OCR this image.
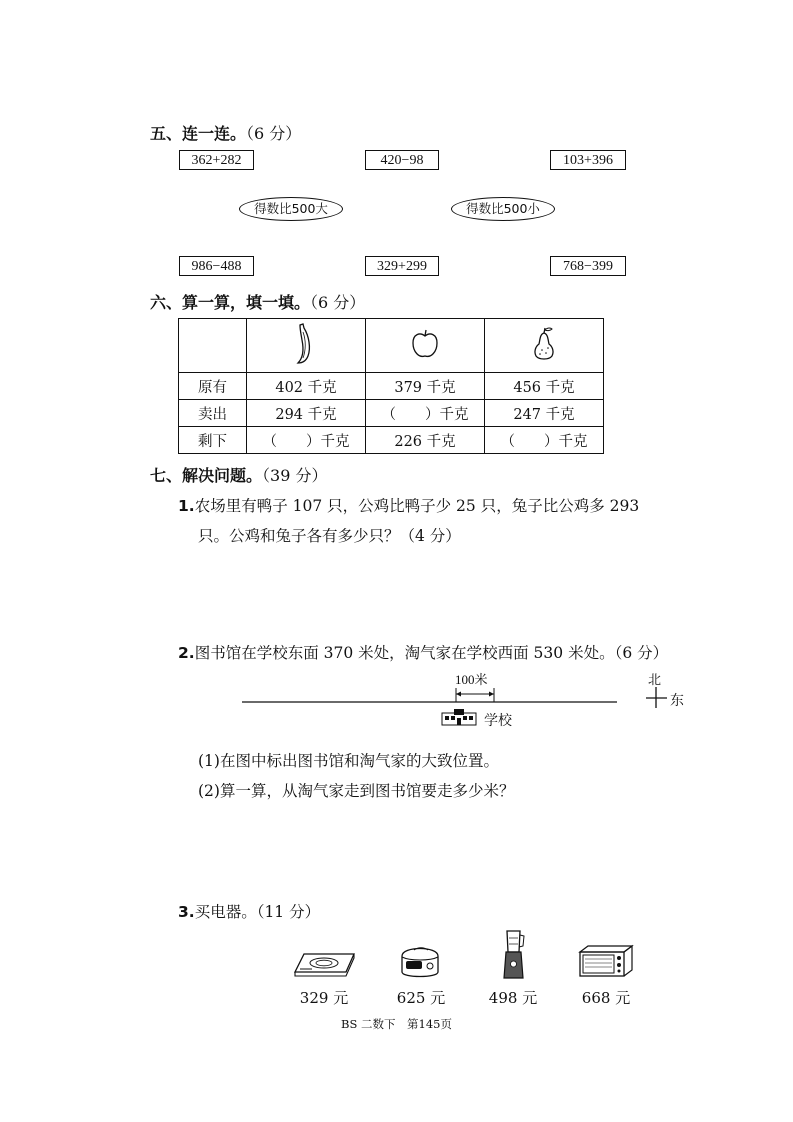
五、连一连。（6 分）
362+282	420−98	103+396
得数比500大	得数比500小
986−488	329+299	768−399
六、算一算，填一填。（6 分）

原有	402 千克	379 千克	456 千克
卖出	294 千克	（　　）千克	247 千克
剩下	（　　）千克	226 千克	（　　）千克
七、解决问题。（39 分）
1.农场里有鸭子 107 只，公鸡比鸭子少 25 只，兔子比公鸡多 293
只。公鸡和兔子各有多少只？（4 分）
2.图书馆在学校东面 370 米处，淘气家在学校西面 530 米处。（6 分）
100米
学校
北
东
(1)在图中标出图书馆和淘气家的大致位置。
(2)算一算，从淘气家走到图书馆要走多少米？
3.买电器。（11 分）
329 元	625 元	498 元	668 元
BS 二数下　第145页
